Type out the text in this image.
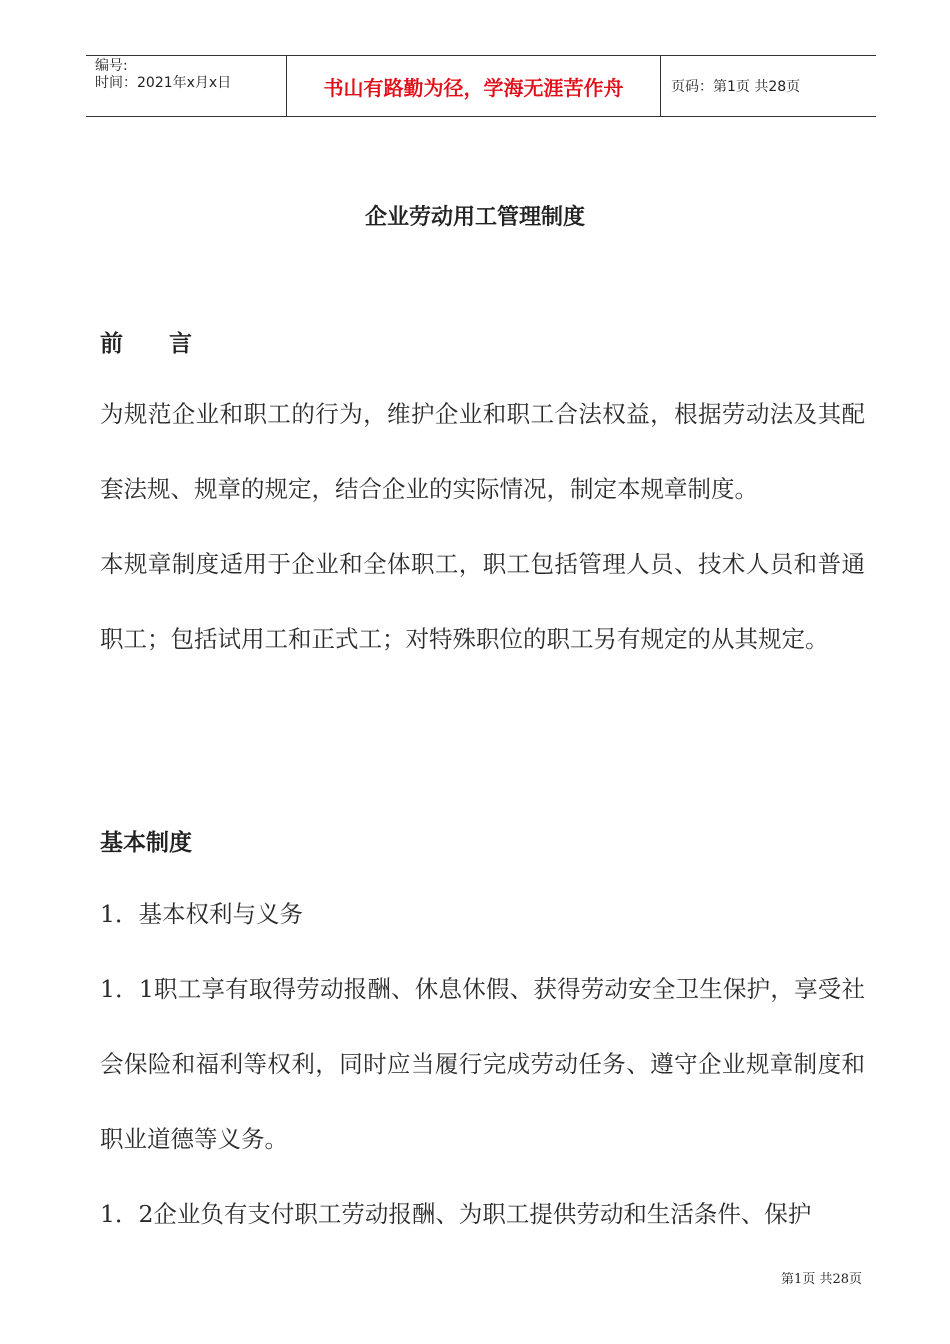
编号:
时间：2021年x月x日	书山有路勤为径，学海无涯苦作舟	页码：第1页 共28页
企业劳动用工管理制度
前　　言
为规范企业和职工的行为，维护企业和职工合法权益，根据劳动法及其配套法规、规章的规定，结合企业的实际情况，制定本规章制度。
本规章制度适用于企业和全体职工，职工包括管理人员、技术人员和普通职工；包括试用工和正式工；对特殊职位的职工另有规定的从其规定。
基本制度
1．基本权利与义务
1．1职工享有取得劳动报酬、休息休假、获得劳动安全卫生保护，享受社会保险和福利等权利，同时应当履行完成劳动任务、遵守企业规章制度和职业道德等义务。
1．2企业负有支付职工劳动报酬、为职工提供劳动和生活条件、保护
第1页 共28页
